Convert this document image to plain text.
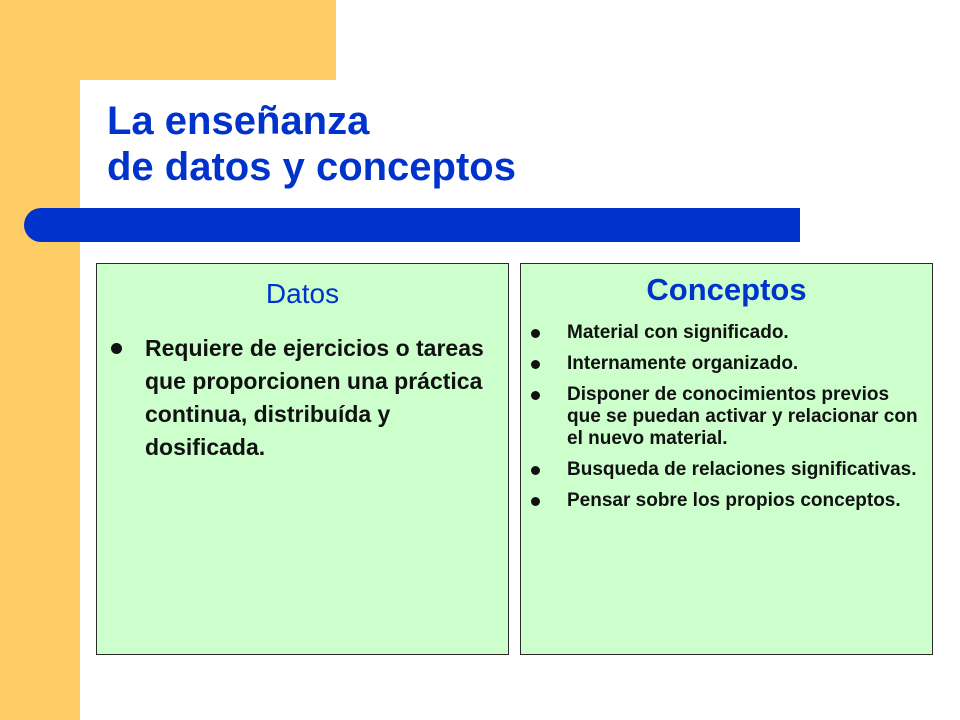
La enseñanza
de datos y conceptos
Datos
Requiere de ejercicios o tareas que proporcionen una práctica continua, distribuída y dosificada.
Conceptos
Material con significado.
Internamente organizado.
Disponer de conocimientos previos que se puedan activar y relacionar con el nuevo material.
Busqueda de relaciones significativas.
Pensar sobre los propios conceptos.
